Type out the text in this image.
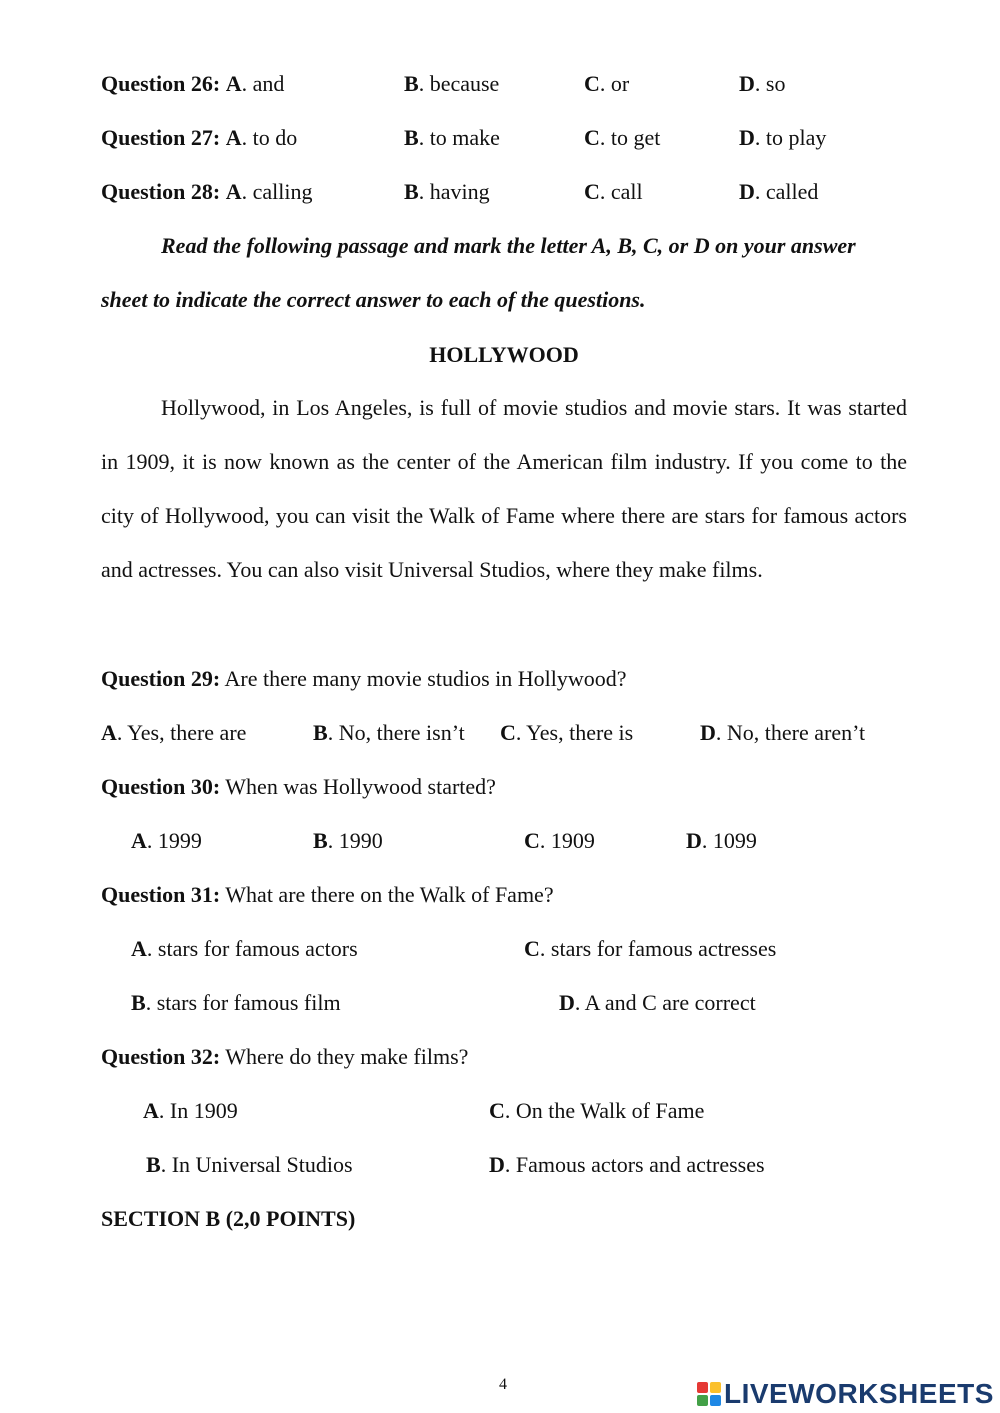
Question 26: A. and	B. because	C. or	D. so
Question 27: A. to do	B. to make	C. to get	D. to play
Question 28: A. calling	B. having	C. call	D. called
Read the following passage and mark the letter A, B, C, or D on your answer
sheet to indicate the correct answer to each of the questions.
HOLLYWOOD

Hollywood, in Los Angeles, is full of movie studios and movie stars. It was started in 1909, it is now known as the center of the American film industry. If you come to the city of Hollywood, you can visit the Walk of Fame where there are stars for famous actors and actresses. You can also visit Universal Studios, where they make films.

Question 29: Are there many movie studios in Hollywood?
A. Yes, there are	B. No, there isn’t C. Yes, there is	D. No, there aren’t
Question 30: When was Hollywood started?
A. 1999	B. 1990	C. 1909	D. 1099
Question 31: What are there on the Walk of Fame?
A. stars for famous actors	C. stars for famous actresses
B. stars for famous film	D. A and C are correct
Question 32: Where do they make films?
A. In 1909	C. On the Walk of Fame
B. In Universal Studios	D. Famous actors and actresses
SECTION B (2,0 POINTS)
4	LIVEWORKSHEETS
